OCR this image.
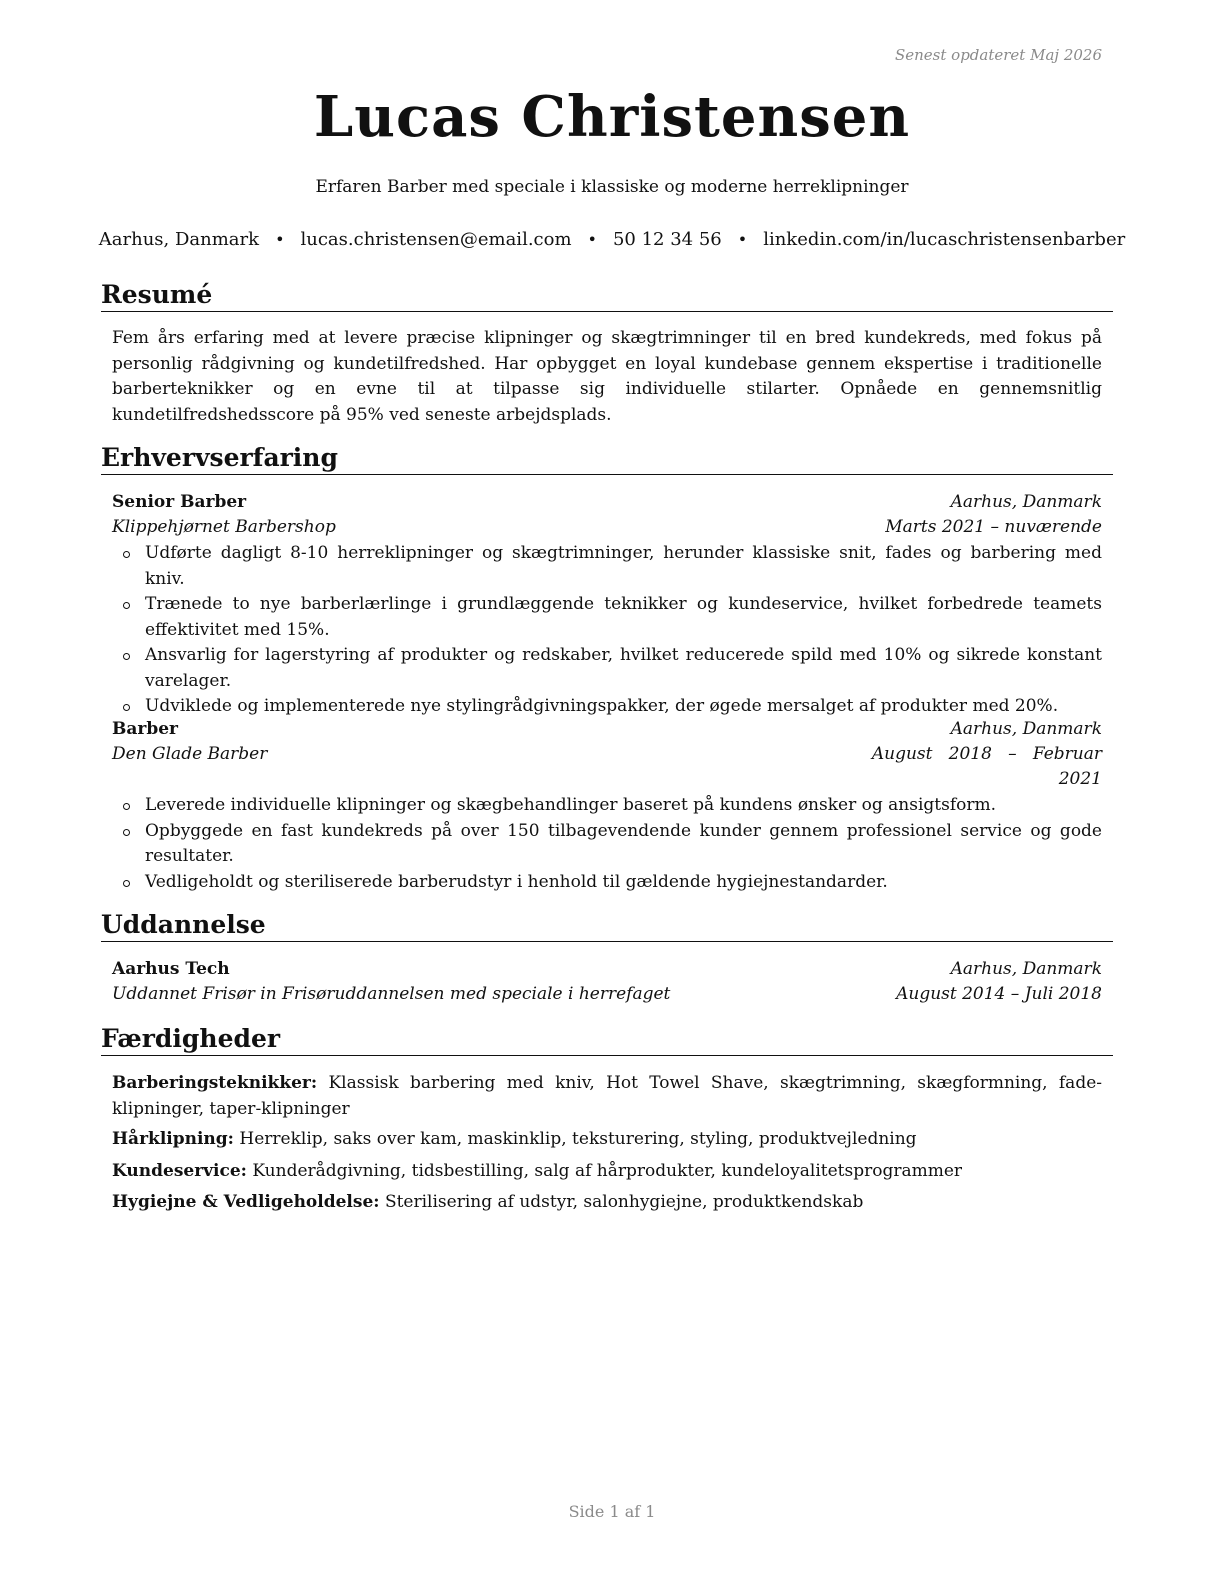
Senest opdateret Maj 2026
Lucas Christensen
Erfaren Barber med speciale i klassiske og moderne herreklipninger
Aarhus, Danmark • lucas.christensen@email.com • 50 12 34 56 • linkedin.com/in/lucaschristensenbarber
Resumé
Fem års erfaring med at levere præcise klipninger og skægtrimninger til en bred kundekreds, med fokus på personlig rådgivning og kundetilfredshed. Har opbygget en loyal kundebase gennem ekspertise i traditionelle barberteknikker og en evne til at tilpasse sig individuelle stilarter. Opnåede en gennemsnitlig kundetilfredshedsscore på 95% ved seneste arbejdsplads.
Erhvervserfaring
Senior Barber	Aarhus, Danmark
Klippehjørnet Barbershop	Marts 2021 – nuværende
Udførte dagligt 8-10 herreklipninger og skægtrimninger, herunder klassiske snit, fades og barbering med kniv.
Trænede to nye barberlærlinge i grundlæggende teknikker og kundeservice, hvilket forbedrede teamets effektivitet med 15%.
Ansvarlig for lagerstyring af produkter og redskaber, hvilket reducerede spild med 10% og sikrede konstant varelager.
Udviklede og implementerede nye stylingrådgivningspakker, der øgede mersalget af produkter med 20%.
Barber	Aarhus, Danmark
Den Glade Barber	August   2018   –   Februar
2021
Leverede individuelle klipninger og skægbehandlinger baseret på kundens ønsker og ansigtsform.
Opbyggede en fast kundekreds på over 150 tilbagevendende kunder gennem professionel service og gode resultater.
Vedligeholdt og steriliserede barberudstyr i henhold til gældende hygiejnestandarder.
Uddannelse
Aarhus Tech	Aarhus, Danmark
Uddannet Frisør in Frisøruddannelsen med speciale i herrefaget	August 2014 – Juli 2018
Færdigheder
Barberingsteknikker: Klassisk barbering med kniv, Hot Towel Shave, skægtrimning, skægformning, fade-klipninger, taper-klipninger
Hårklipning: Herreklip, saks over kam, maskinklip, teksturering, styling, produktvejledning
Kundeservice: Kunderådgivning, tidsbestilling, salg af hårprodukter, kundeloyalitetsprogrammer
Hygiejne & Vedligeholdelse: Sterilisering af udstyr, salonhygiejne, produktkendskab
Side 1 af 1
